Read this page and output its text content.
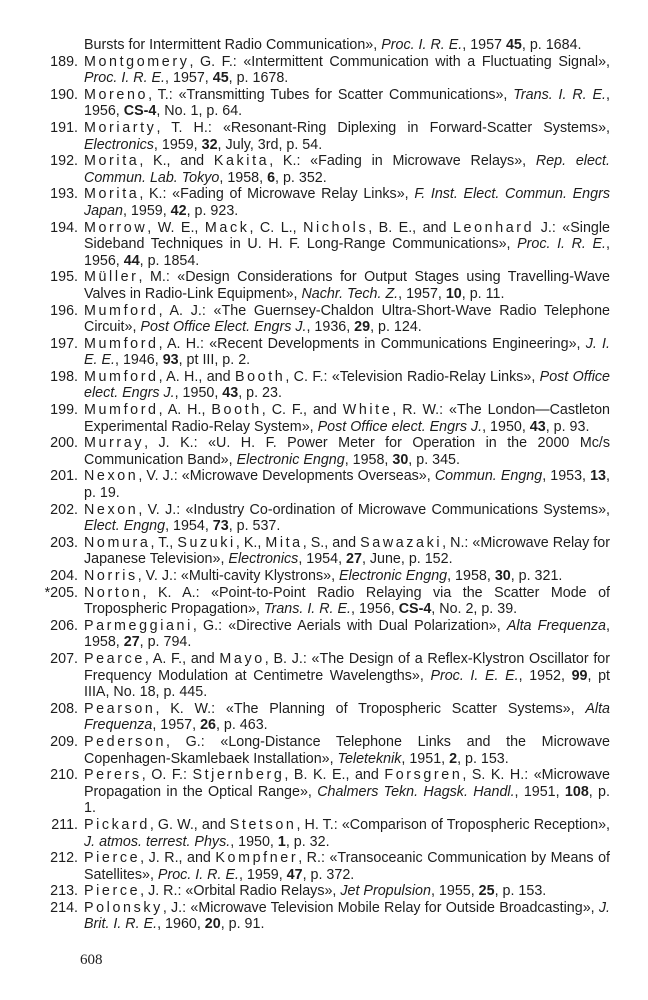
Bursts for Intermittent Radio Communication», Proc. I. R. E., 1957 45, p. 1684.
189. Montgomery, G. F.: «Intermittent Communication with a Fluctuating Signal», Proc. I. R. E., 1957, 45, p. 1678.
190. Moreno, T.: «Transmitting Tubes for Scatter Communications», Trans. I. R. E., 1956, CS-4, No. 1, p. 64.
191. Moriarty, T. H.: «Resonant-Ring Diplexing in Forward-Scatter Systems», Electronics, 1959, 32, July, 3rd, p. 54.
192. Morita, K., and Kakita, K.: «Fading in Microwave Relays», Rep. elect. Commun. Lab. Tokyo, 1958, 6, p. 352.
193. Morita, K.: «Fading of Microwave Relay Links», F. Inst. Elect. Commun. Engrs Japan, 1959, 42, p. 923.
194. Morrow, W. E., Mack, C. L., Nichols, B. E., and Leonhard J.: «Single Sideband Techniques in U. H. F. Long-Range Communications», Proc. I. R. E., 1956, 44, p. 1854.
195. Müller, M.: «Design Considerations for Output Stages using Travelling-Wave Valves in Radio-Link Equipment», Nachr. Tech. Z., 1957, 10, p. 11.
196. Mumford, A. J.: «The Guernsey-Chaldon Ultra-Short-Wave Radio Telephone Circuit», Post Office Elect. Engrs J., 1936, 29, p. 124.
197. Mumford, A. H.: «Recent Developments in Communications Engineering», J. I. E. E., 1946, 93, pt III, p. 2.
198. Mumford, A. H., and Booth, C. F.: «Television Radio-Relay Links», Post Office elect. Engrs J., 1950, 43, p. 23.
199. Mumford, A. H., Booth, C. F., and White, R. W.: «The London—Castleton Experimental Radio-Relay System», Post Office elect. Engrs J., 1950, 43, p. 93.
200. Murray, J. K.: «U. H. F. Power Meter for Operation in the 2000 Mc/s Communication Band», Electronic Engng, 1958, 30, p. 345.
201. Nexon, V. J.: «Microwave Developments Overseas», Commun. Engng, 1953, 13, p. 19.
202. Nexon, V. J.: «Industry Co-ordination of Microwave Communications Systems», Elect. Engng, 1954, 73, p. 537.
203. Nomura, T., Suzuki, K., Mita, S., and Sawazaki, N.: «Microwave Relay for Japanese Television», Electronics, 1954, 27, June, p. 152.
204. Norris, V. J.: «Multi-cavity Klystrons», Electronic Engng, 1958, 30, p. 321.
*205. Norton, K. A.: «Point-to-Point Radio Relaying via the Scatter Mode of Tropospheric Propagation», Trans. I. R. E., 1956, CS-4, No. 2, p. 39.
206. Parmeggiani, G.: «Directive Aerials with Dual Polarization», Alta Frequenza, 1958, 27, p. 794.
207. Pearce, A. F., and Mayo, B. J.: «The Design of a Reflex-Klystron Oscillator for Frequency Modulation at Centimetre Wavelengths», Proc. I. E. E., 1952, 99, pt IIIA, No. 18, p. 445.
208. Pearson, K. W.: «The Planning of Tropospheric Scatter Systems», Alta Frequenza, 1957, 26, p. 463.
209. Pederson, G.: «Long-Distance Telephone Links and the Microwave Copenhagen-Skamlebaek Installation», Teleteknik, 1951, 2, p. 153.
210. Perers, O. F.: Stjernberg, B. K. E., and Forsgren, S. K. H.: «Microwave Propagation in the Optical Range», Chalmers Tekn. Hagsk. Handl., 1951, 108, p. 1.
211. Pickard, G. W., and Stetson, H. T.: «Comparison of Tropospheric Reception», J. atmos. terrest. Phys., 1950, 1, p. 32.
212. Pierce, J. R., and Kompfner, R.: «Transoceanic Communication by Means of Satellites», Proc. I. R. E., 1959, 47, p. 372.
213. Pierce, J. R.: «Orbital Radio Relays», Jet Propulsion, 1955, 25, p. 153.
214. Polonsky, J.: «Microwave Television Mobile Relay for Outside Broadcasting», J. Brit. I. R. E., 1960, 20, p. 91.
608
